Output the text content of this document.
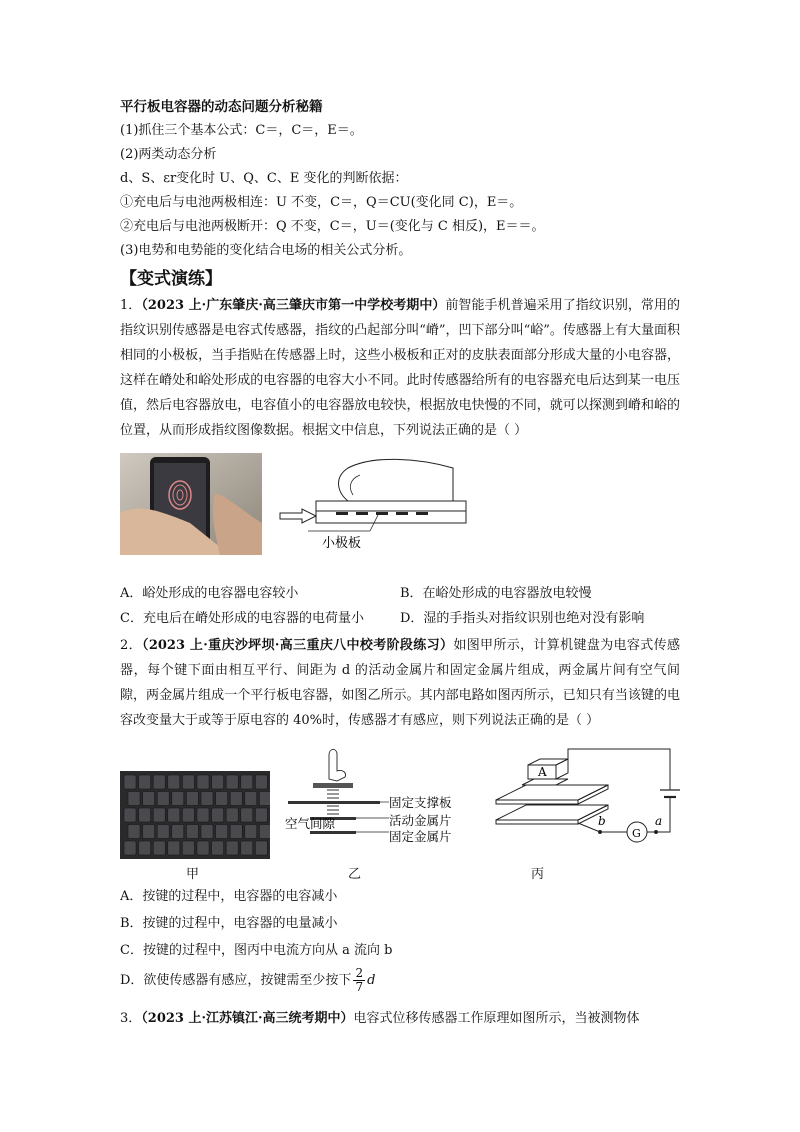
平行板电容器的动态问题分析秘籍
(1)抓住三个基本公式：C＝，C＝，E＝。
(2)两类动态分析
d、S、εr变化时 U、Q、C、E 变化的判断依据：
①充电后与电池两极相连：U 不变，C＝，Q＝CU(变化同 C)，E＝。
②充电后与电池两极断开：Q 不变，C＝，U＝(变化与 C 相反)，E＝＝。
(3)电势和电势能的变化结合电场的相关公式分析。
【变式演练】
1．（2023 上·广东肇庆·高三肇庆市第一中学校考期中）前智能手机普遍采用了指纹识别，常用的指纹识别传感器是电容式传感器，指纹的凸起部分叫“嵴”，凹下部分叫“峪”。传感器上有大量面积相同的小极板，当手指贴在传感器上时，这些小极板和正对的皮肤表面部分形成大量的小电容器，这样在嵴处和峪处形成的电容器的电容大小不同。此时传感器给所有的电容器充电后达到某一电压值，然后电容器放电，电容值小的电容器放电较快，根据放电快慢的不同，就可以探测到嵴和峪的位置，从而形成指纹图像数据。根据文中信息，下列说法正确的是（ ）
小极板
A．峪处形成的电容器电容较小	B．在峪处形成的电容器放电较慢
C．充电后在嵴处形成的电容器的电荷量小	D．湿的手指头对指纹识别也绝对没有影响
2．（2023 上·重庆沙坪坝·高三重庆八中校考阶段练习）如图甲所示，计算机键盘为电容式传感器，每个键下面由相互平行、间距为 d 的活动金属片和固定金属片组成，两金属片间有空气间隙，两金属片组成一个平行板电容器，如图乙所示。其内部电路如图丙所示，已知只有当该键的电容改变量大于或等于原电容的 40%时，传感器才有感应，则下列说法正确的是（ ）
甲
固定支撑板
空气间隙	活动金属片
固定金属片
乙
A
G
b	a
丙
A．按键的过程中，电容器的电容减小
B．按键的过程中，电容器的电量减小
C．按键的过程中，图丙中电流方向从 a 流向 b
D．欲使传感器有感应，按键需至少按下 $\frac{2}{7}$ d
3．（2023 上·江苏镇江·高三统考期中）电容式位移传感器工作原理如图所示，当被测物体
